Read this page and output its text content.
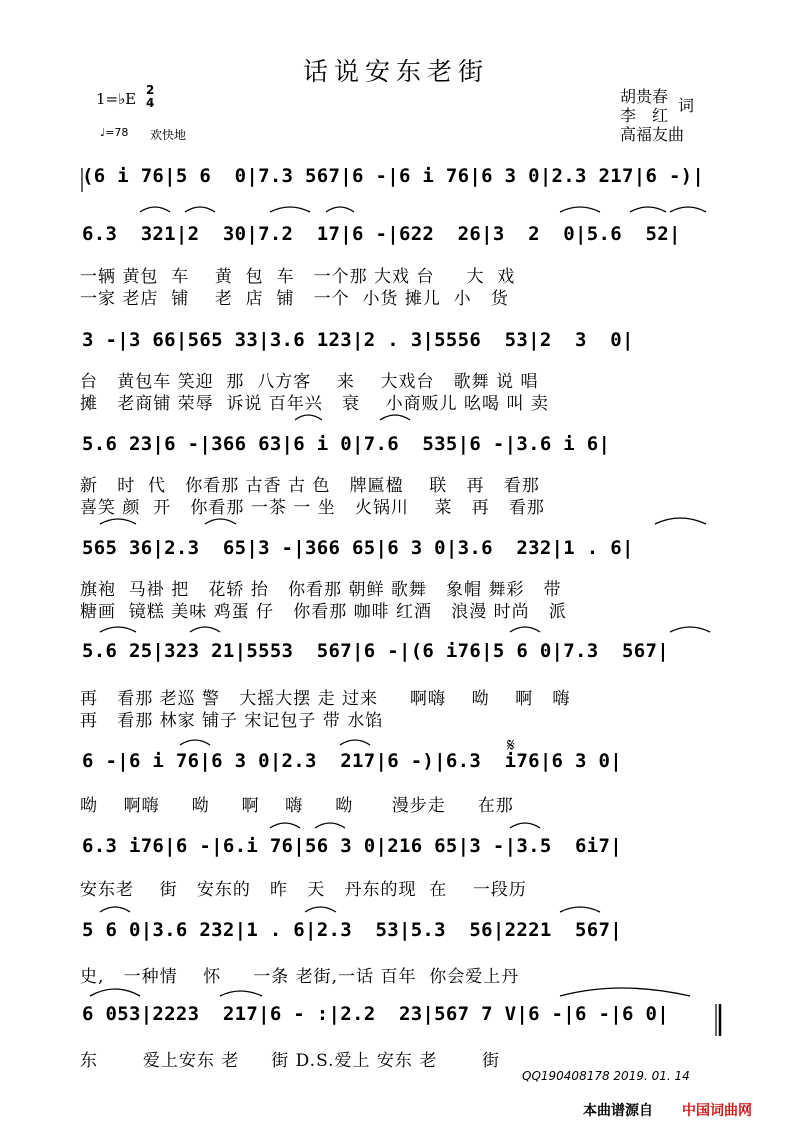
话说安东老街
1=♭E 2
4
♩=78 欢快地
胡贵春
李　红
词
高福友曲
(6 i 76|5 6  0|7.3 567|6 -|6 i 76|6 3 0|2.3 217|6 -)|
6.3  321|2  30|7.2  17|6 -|622  26|3  2  0|5.6  52|
一辆 黄包  车    黄  包  车   一个那 大戏 台     大  戏
一家 老店  铺    老  店  铺   一个  小货 摊儿  小   货
3 -|3 66|565 33|3.6 123|2 . 3|5556  53|2  3  0|
台   黄包车 笑迎  那  八方客    来    大戏台   歌舞 说 唱
摊   老商铺 荣辱  诉说 百年兴   衰    小商贩儿 吆喝 叫 卖
5.6 23|6 -|366 63|6 i 0|7.6  535|6 -|3.6 i 6|
新   时  代   你看那 古香 古 色   牌匾楹    联   再   看那
喜笑 颜  开   你看那 一茶 一 坐   火锅川    菜   再   看那
565 36|2.3  65|3 -|366 65|6 3 0|3.6  232|1 . 6|
旗袍  马褂 把   花轿 抬   你看那 朝鲜 歌舞   象帽 舞彩   带
糖画  镜糕 美味 鸡蛋 仔   你看那 咖啡 红酒   浪漫 时尚   派
5.6 25|323 21|5553  567|6 -|(6 i76|5 6 0|7.3  567|
再   看那 老巡 警   大摇大摆 走 过来     啊嗨    呦    啊   嗨
再   看那 林家 铺子 宋记包子 带 水馅
6 -|6 i 76|6 3 0|2.3  217|6 -)|6.3  i76|6 3 0|
𝄋
呦    啊嗨     呦     啊    嗨     呦      漫步走     在那
6.3 i76|6 -|6.i 76|56 3 0|216 65|3 -|3.5  6i7|
安东老    街   安东的   昨   天   丹东的现  在    一段历
5 6 0|3.6 232|1 . 6|2.3  53|5.3  56|2221  567|
史,   一种情    怀     一条 老街,一话 百年  你会爱上丹
6 053|2223  217|6 - :|2.2  23|567 7 V|6 -|6 -|6 0|
东       爱上安东 老     街 D.S.爱上 安东 老       街
QQ190408178 2019. 01. 14
本曲谱源自 中国词曲网
